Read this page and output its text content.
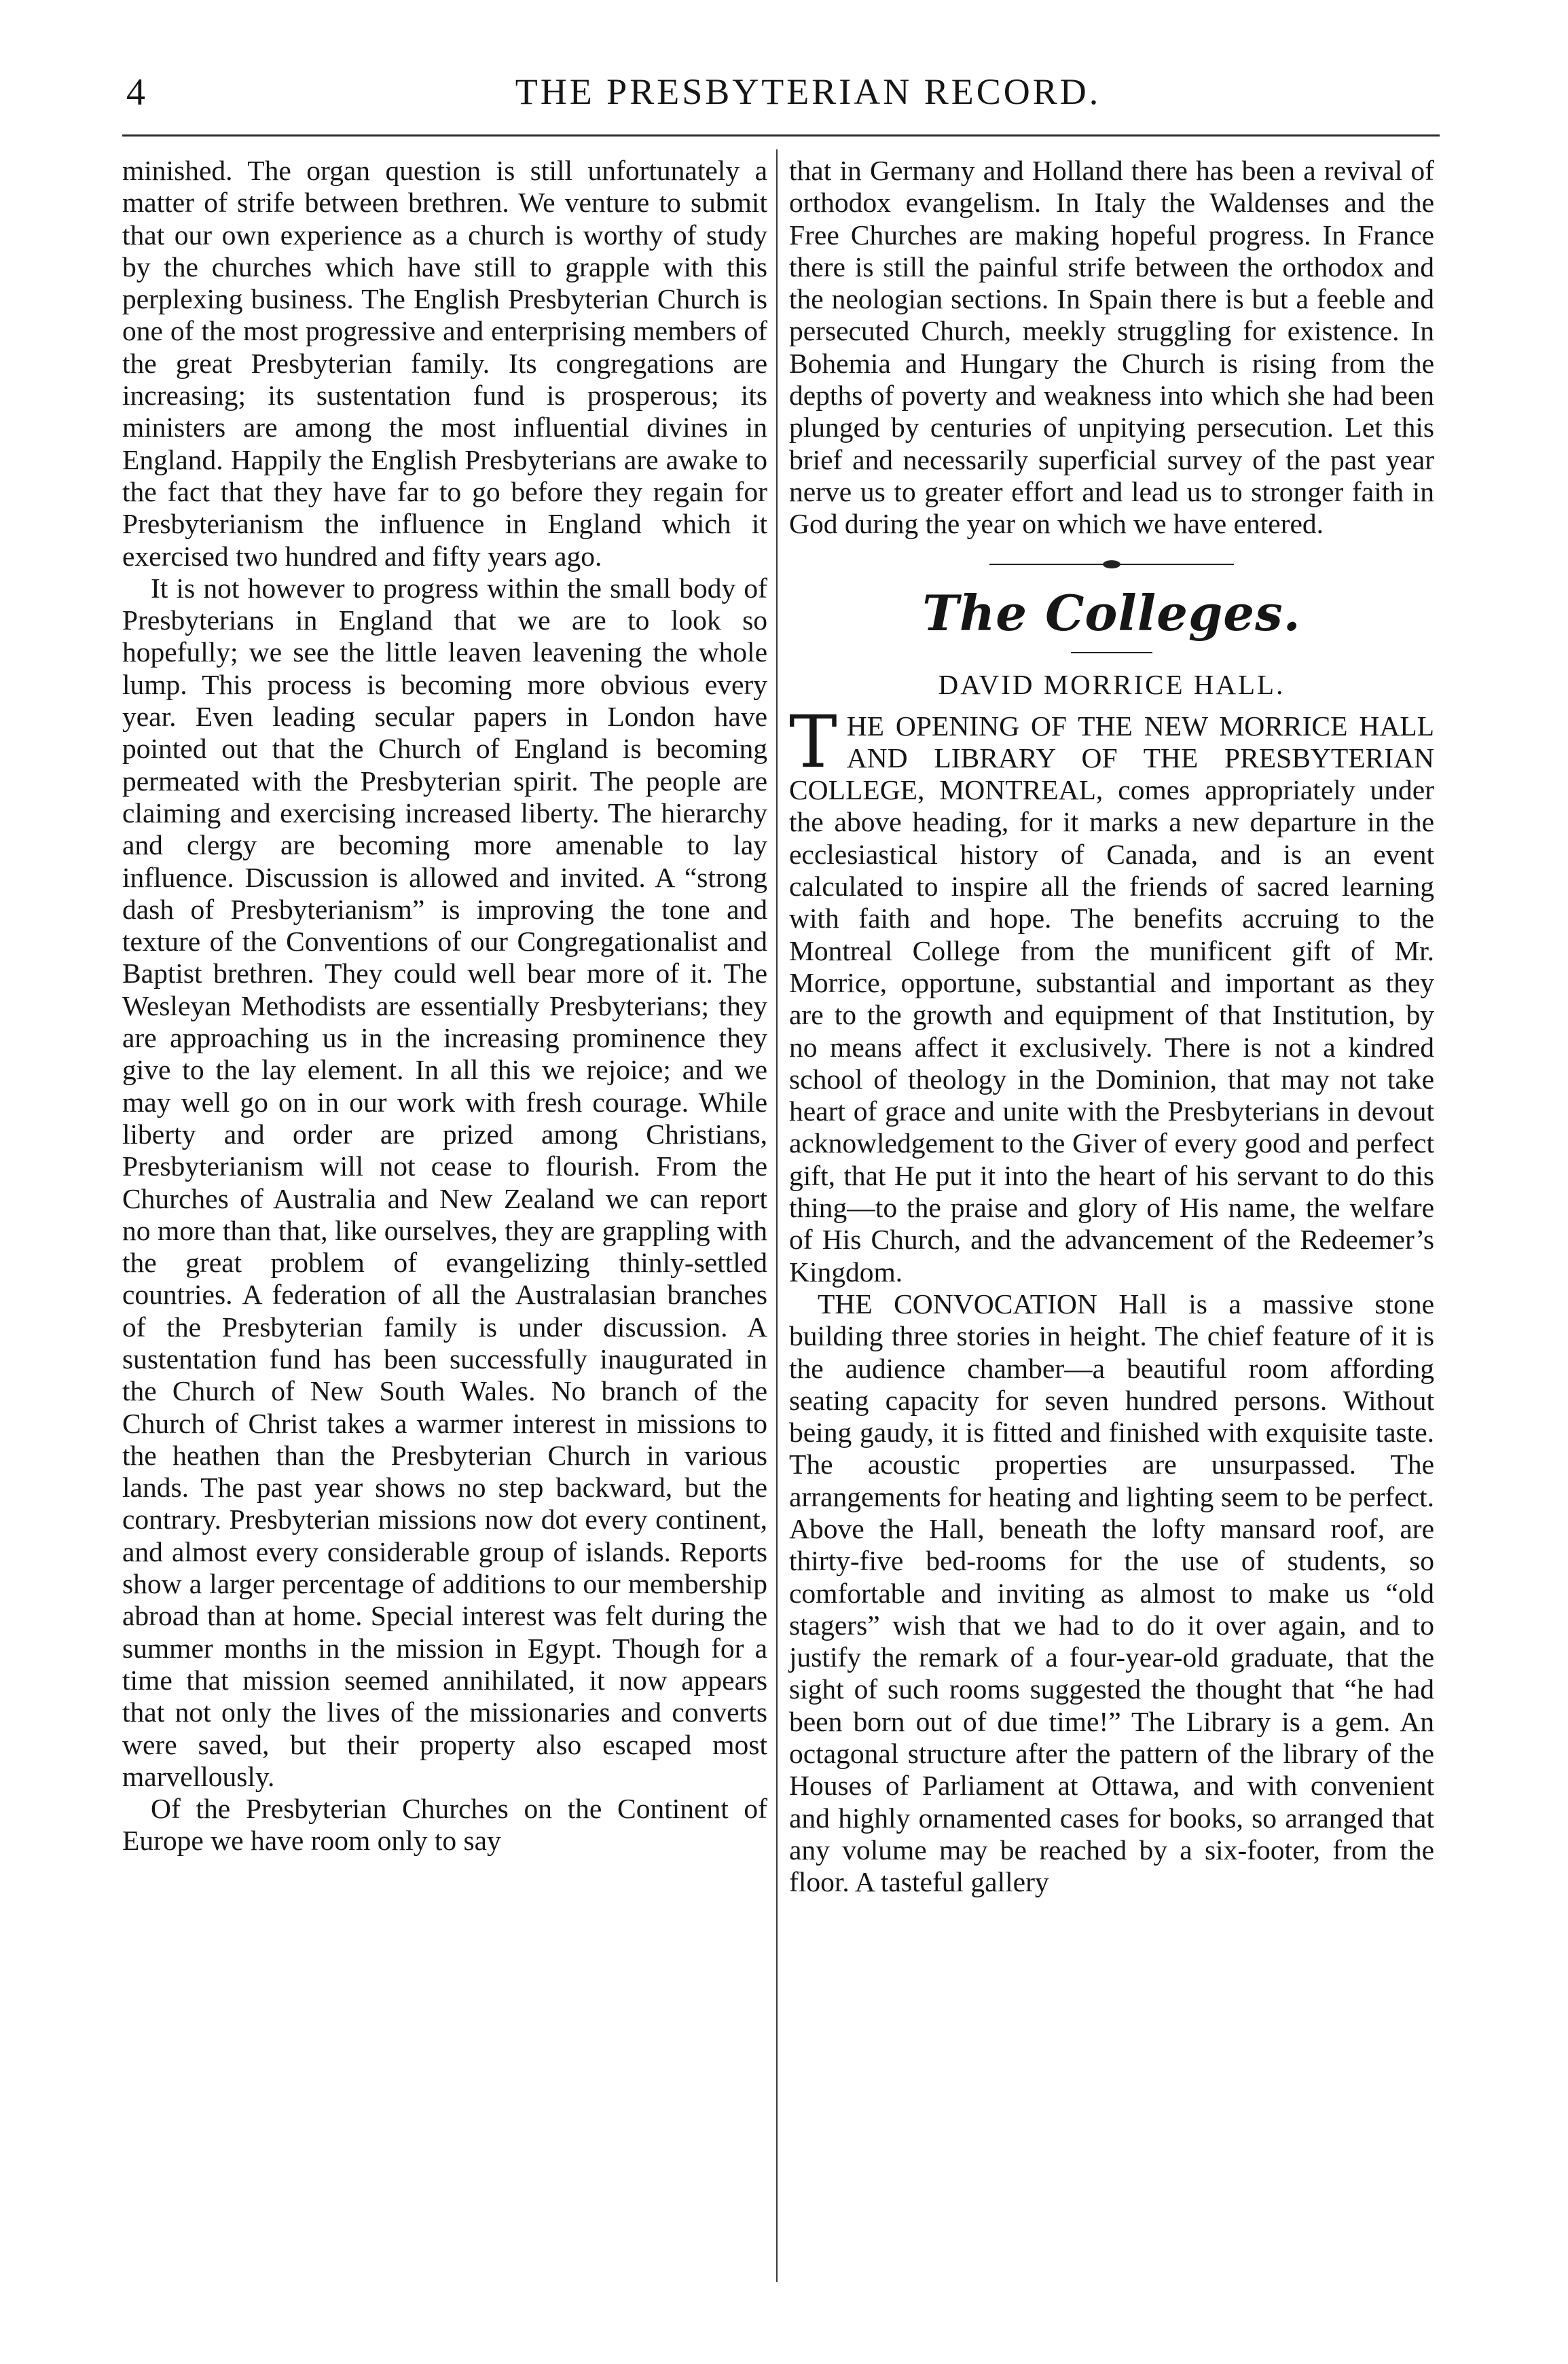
4	THE PRESBYTERIAN RECORD.

minished. The organ question is still unfortunately a matter of strife between brethren. We venture to submit that our own experience as a church is worthy of study by the churches which have still to grapple with this perplexing business. The English Presbyterian Church is one of the most progressive and enterprising members of the great Presbyterian family. Its congregations are increasing; its sustentation fund is prosperous; its ministers are among the most influential divines in England. Happily the English Presbyterians are awake to the fact that they have far to go before they regain for Presbyterianism the influence in England which it exercised two hundred and fifty years ago.

It is not however to progress within the small body of Presbyterians in England that we are to look so hopefully; we see the little leaven leavening the whole lump. This process is becoming more obvious every year. Even leading secular papers in London have pointed out that the Church of England is becoming permeated with the Presbyterian spirit. The people are claiming and exercising increased liberty. The hierarchy and clergy are becoming more amenable to lay influence. Discussion is allowed and invited. A “strong dash of Presbyterianism” is improving the tone and texture of the Conventions of our Congregationalist and Baptist brethren. They could well bear more of it. The Wesleyan Methodists are essentially Presbyterians; they are approaching us in the increasing prominence they give to the lay element. In all this we rejoice; and we may well go on in our work with fresh courage. While liberty and order are prized among Christians, Presbyterianism will not cease to flourish. From the Churches of Australia and New Zealand we can report no more than that, like ourselves, they are grappling with the great problem of evangelizing thinly-settled countries. A federation of all the Australasian branches of the Presbyterian family is under discussion. A sustentation fund has been successfully inaugurated in the Church of New South Wales. No branch of the Church of Christ takes a warmer interest in missions to the heathen than the Presbyterian Church in various lands. The past year shows no step backward, but the contrary. Presbyterian missions now dot every continent, and almost every considerable group of islands. Reports show a larger percentage of additions to our membership abroad than at home. Special interest was felt during the summer months in the mission in Egypt. Though for a time that mission seemed annihilated, it now appears that not only the lives of the missionaries and converts were saved, but their property also escaped most marvellously.

Of the Presbyterian Churches on the Continent of Europe we have room only to say

that in Germany and Holland there has been a revival of orthodox evangelism. In Italy the Waldenses and the Free Churches are making hopeful progress. In France there is still the painful strife between the orthodox and the neologian sections. In Spain there is but a feeble and persecuted Church, meekly struggling for existence. In Bohemia and Hungary the Church is rising from the depths of poverty and weakness into which she had been plunged by centuries of unpitying persecution. Let this brief and necessarily superficial survey of the past year nerve us to greater effort and lead us to stronger faith in God during the year on which we have entered.

The Colleges.
DAVID MORRICE HALL.

THE OPENING OF THE NEW MORRICE HALL AND LIBRARY OF THE PRESBYTERIAN COLLEGE, MONTREAL, comes appropriately under the above heading, for it marks a new departure in the ecclesiastical history of Canada, and is an event calculated to inspire all the friends of sacred learning with faith and hope. The benefits accruing to the Montreal College from the munificent gift of Mr. Morrice, opportune, substantial and important as they are to the growth and equipment of that Institution, by no means affect it exclusively. There is not a kindred school of theology in the Dominion, that may not take heart of grace and unite with the Presbyterians in devout acknowledgement to the Giver of every good and perfect gift, that He put it into the heart of his servant to do this thing—to the praise and glory of His name, the welfare of His Church, and the advancement of the Redeemer’s Kingdom.

THE CONVOCATION Hall is a massive stone building three stories in height. The chief feature of it is the audience chamber—a beautiful room affording seating capacity for seven hundred persons. Without being gaudy, it is fitted and finished with exquisite taste. The acoustic properties are unsurpassed. The arrangements for heating and lighting seem to be perfect. Above the Hall, beneath the lofty mansard roof, are thirty-five bed-rooms for the use of students, so comfortable and inviting as almost to make us “old stagers” wish that we had to do it over again, and to justify the remark of a four-year-old graduate, that the sight of such rooms suggested the thought that “he had been born out of due time!” The Library is a gem. An octagonal structure after the pattern of the library of the Houses of Parliament at Ottawa, and with convenient and highly ornamented cases for books, so arranged that any volume may be reached by a six-footer, from the floor. A tasteful gallery
